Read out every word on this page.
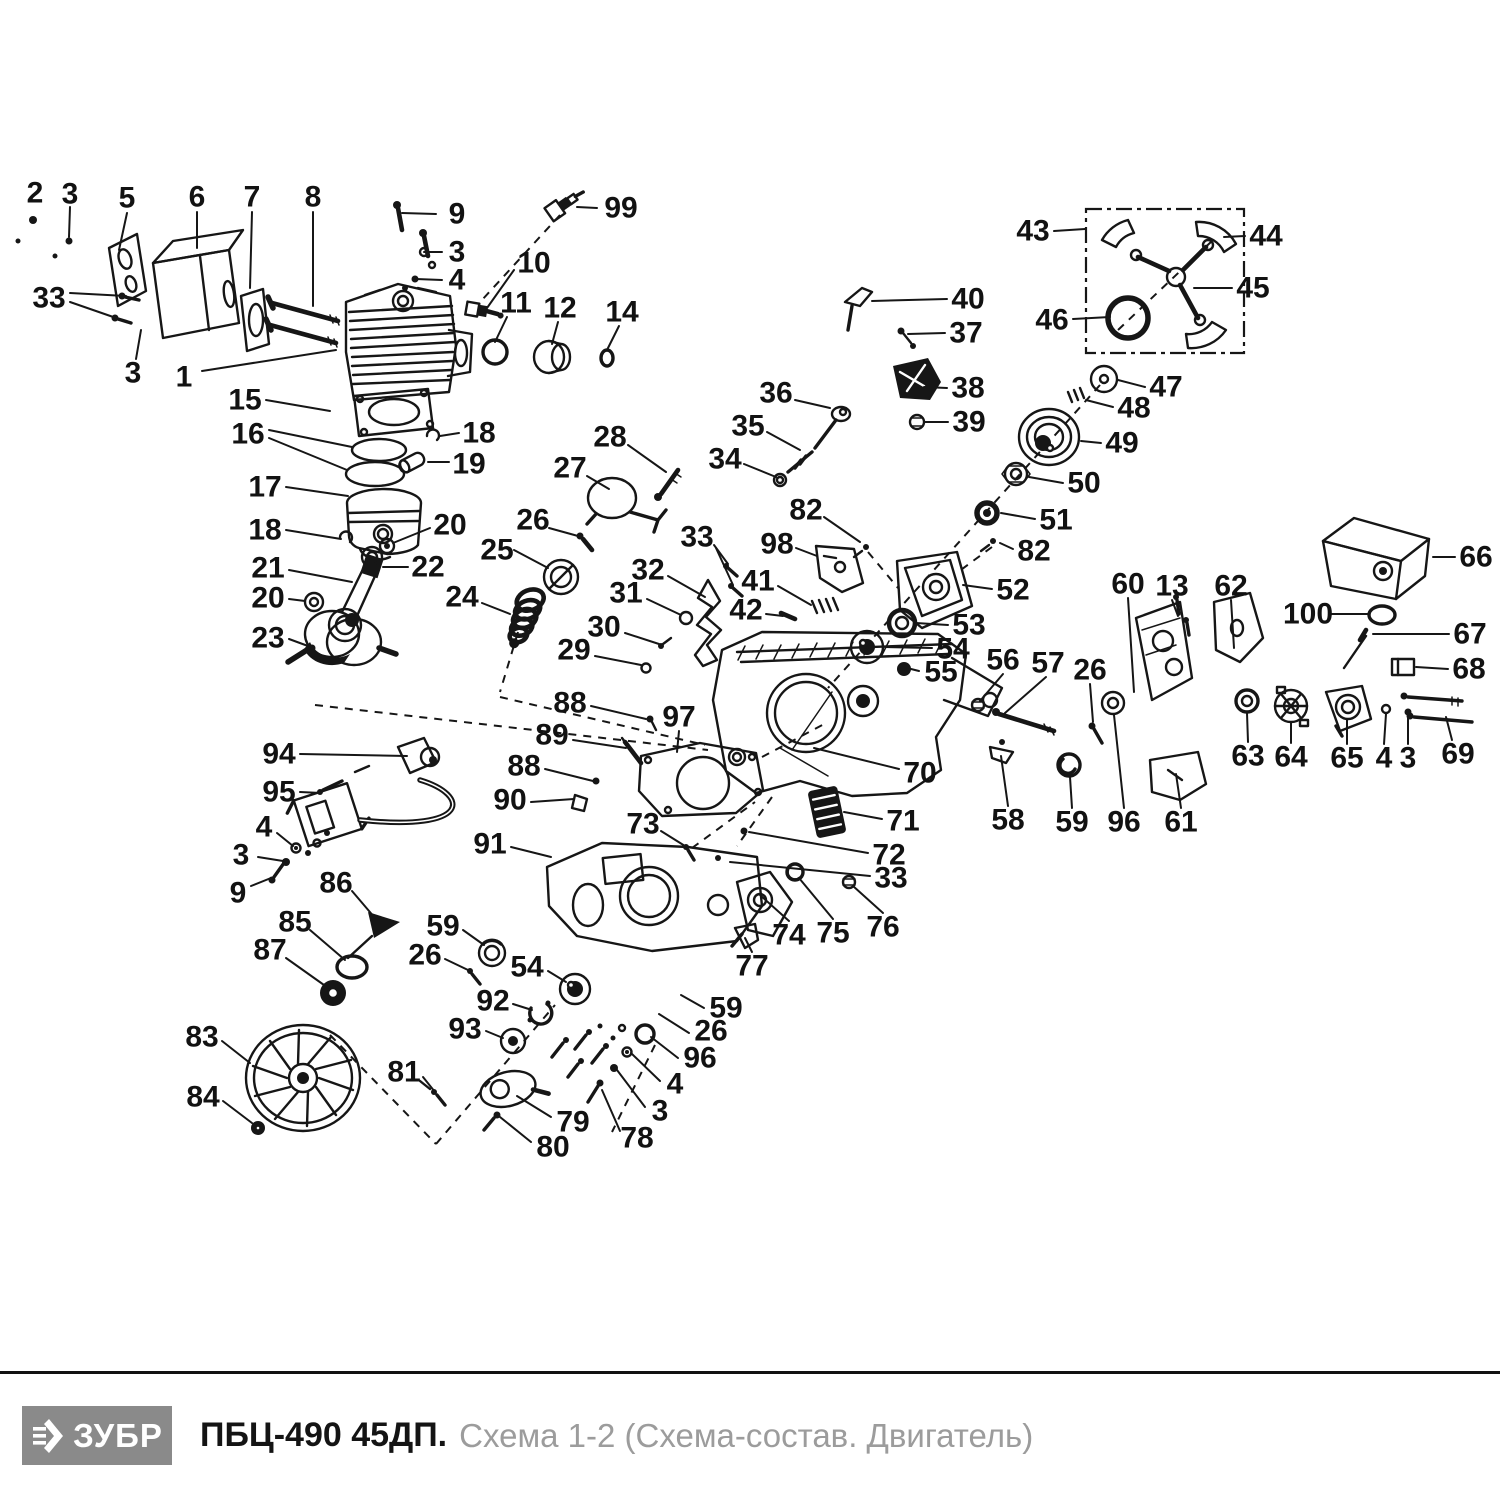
2 3 5 6 7 8
9	99
3
4
10
11 12 14
33
3 1
15
16	18
19
17
18	20 26
25
21	22
20	24
23
27
28
32
31
30
29
33 98
82
41
42
36
35
34
40
37
38
39
43	44
45
46
47
48
49
50
51
82
52
53
54
55 56 57 26
66
100
67
68
60 13 62
63 64 65 4 3 69
58 59 96 61
88
89
97
88
90
70
71
72
33
73
94
95
4
3
9 86
85
87
91
74 75 76
77
59
26 54
92
93
59
26
96
4
3
83
84
81
79
80 78
ЗУБР ПБЦ-490 45ДП. Схема 1-2 (Схема-состав. Двигатель)
